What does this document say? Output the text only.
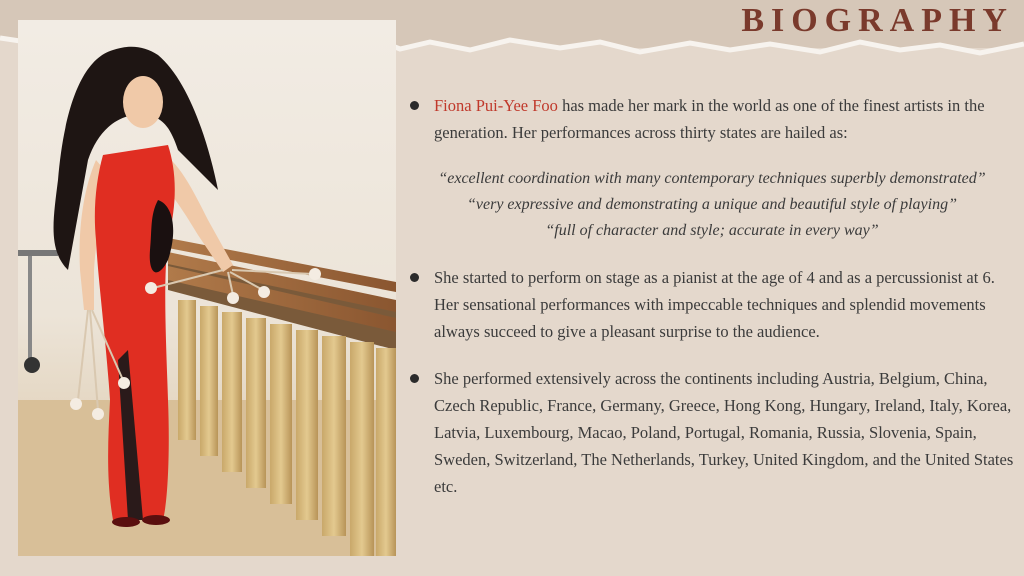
BIOGRAPHY
Fiona Pui-Yee Foo has made her mark in the world as one of the finest artists in the generation. Her performances across thirty states are hailed as:
“excellent coordination with many contemporary techniques superbly demonstrated”
“very expressive and demonstrating a unique and beautiful style of playing”
“full of character and style; accurate in every way”
She started to perform on stage as a pianist at the age of 4 and as a percussionist at 6. Her sensational performances with impeccable techniques and splendid movements always succeed to give a pleasant surprise to the audience.
She performed extensively across the continents including Austria, Belgium, China, Czech Republic, France, Germany, Greece, Hong Kong, Hungary, Ireland, Italy, Korea, Latvia, Luxembourg, Macao, Poland, Portugal, Romania, Russia, Slovenia, Spain, Sweden, Switzerland, The Netherlands, Turkey, United Kingdom, and the United States etc.
